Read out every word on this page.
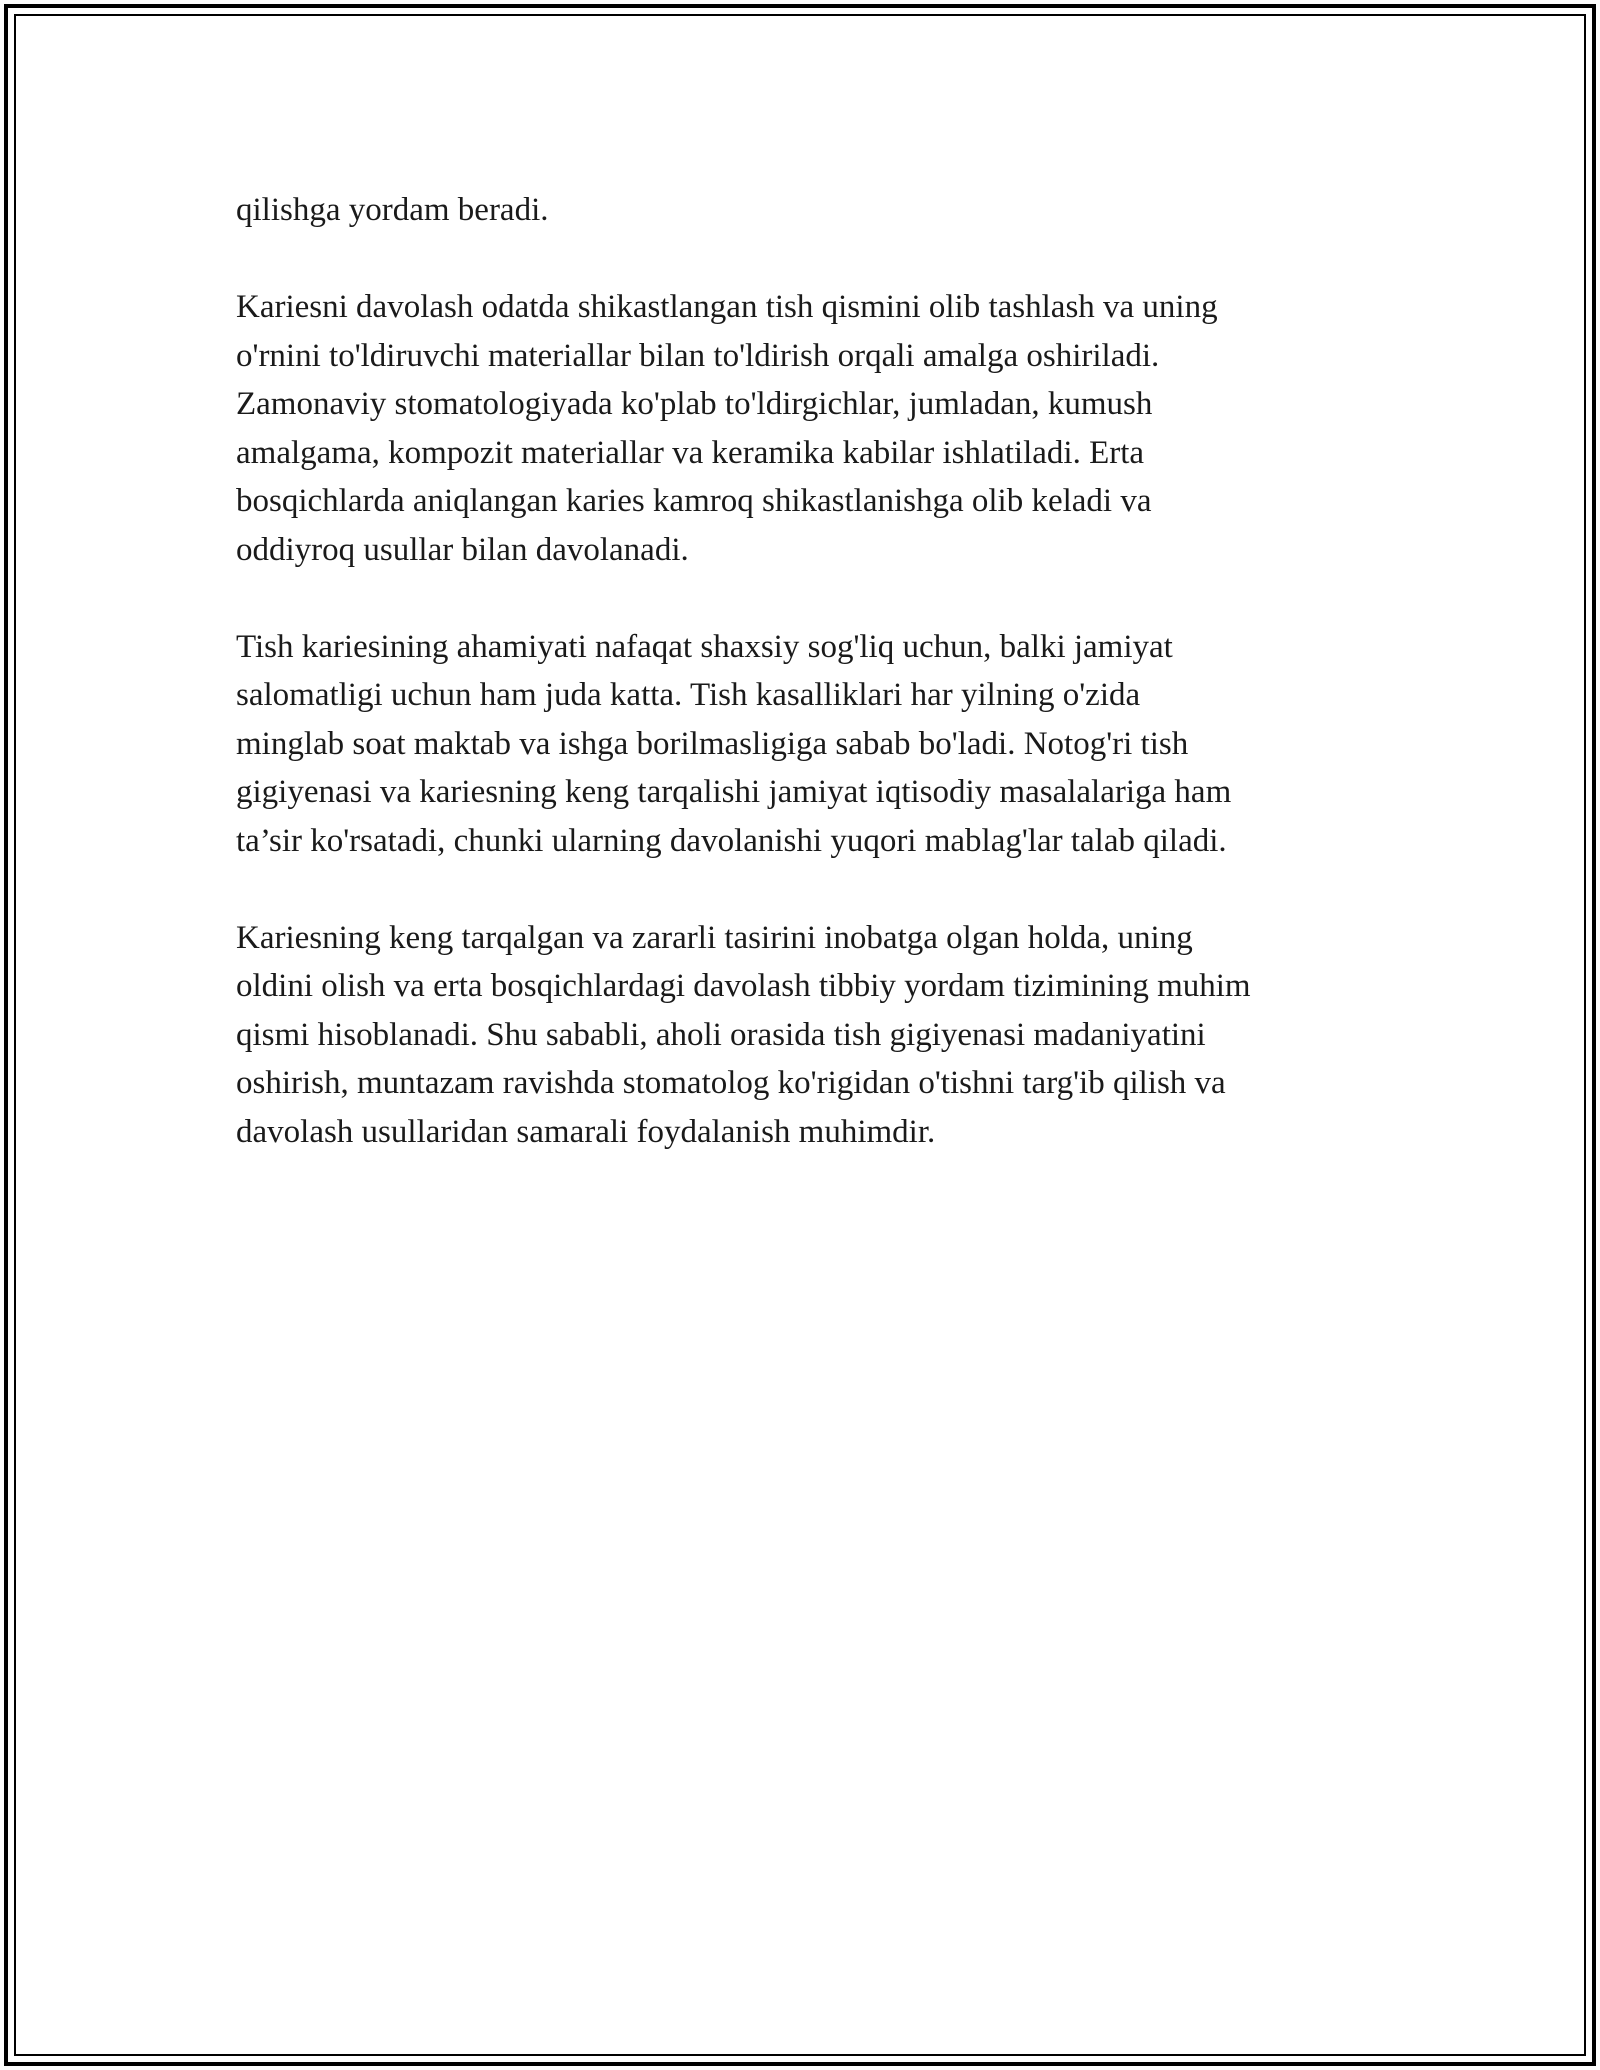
qilishga yordam beradi.

Kariesni davolash odatda shikastlangan tish qismini olib tashlash va uning
o'rnini to'ldiruvchi materiallar bilan to'ldirish orqali amalga oshiriladi.
Zamonaviy stomatologiyada ko'plab to'ldirgichlar, jumladan, kumush
amalgama, kompozit materiallar va keramika kabilar ishlatiladi. Erta
bosqichlarda aniqlangan karies kamroq shikastlanishga olib keladi va
oddiyroq usullar bilan davolanadi.

Tish kariesining ahamiyati nafaqat shaxsiy sog'liq uchun, balki jamiyat
salomatligi uchun ham juda katta. Tish kasalliklari har yilning o'zida
minglab soat maktab va ishga borilmasligiga sabab bo'ladi. Notog'ri tish
gigiyenasi va kariesning keng tarqalishi jamiyat iqtisodiy masalalariga ham
ta’sir ko'rsatadi, chunki ularning davolanishi yuqori mablag'lar talab qiladi.

Kariesning keng tarqalgan va zararli tasirini inobatga olgan holda, uning
oldini olish va erta bosqichlardagi davolash tibbiy yordam tizimining muhim
qismi hisoblanadi. Shu sababli, aholi orasida tish gigiyenasi madaniyatini
oshirish, muntazam ravishda stomatolog ko'rigidan o'tishni targ'ib qilish va
davolash usullaridan samarali foydalanish muhimdir.
